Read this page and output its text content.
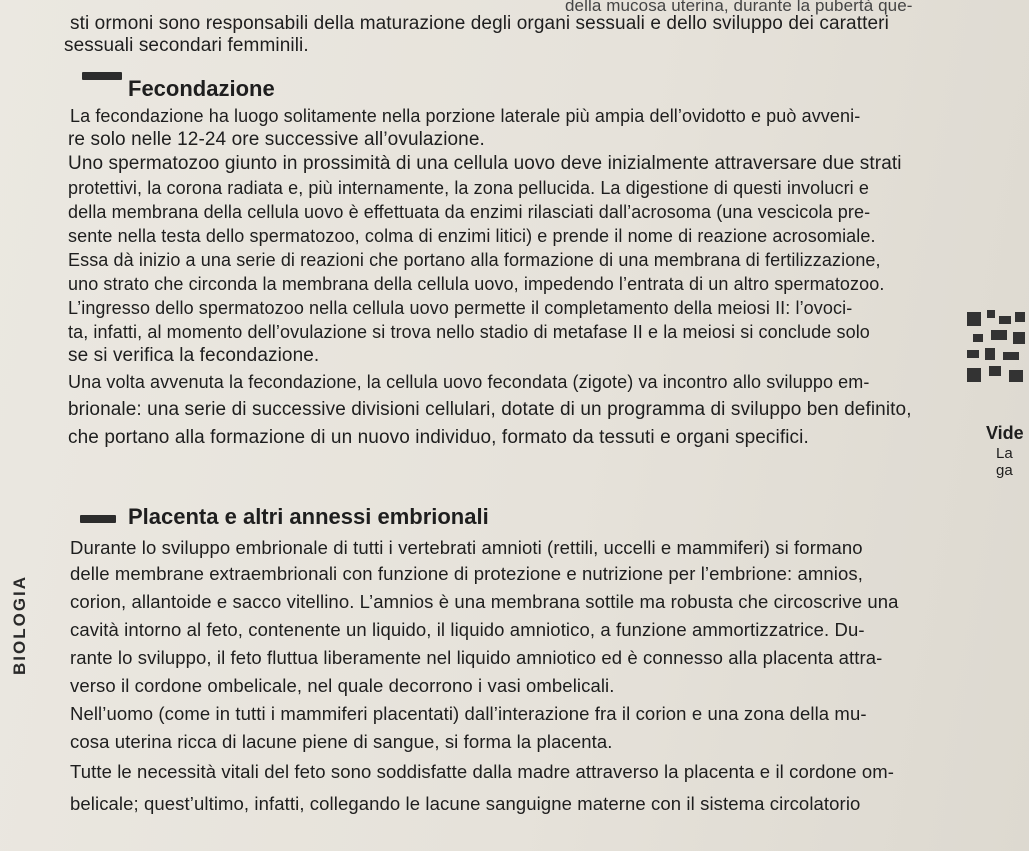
della mucosa uterina, durante la pubertà que-
sti ormoni sono responsabili della maturazione degli organi sessuali e dello sviluppo dei caratteri
sessuali secondari femminili.
Fecondazione
La fecondazione ha luogo solitamente nella porzione laterale più ampia dell’ovidotto e può avveni-
re solo nelle 12-24 ore successive all’ovulazione.
Uno spermatozoo giunto in prossimità di una cellula uovo deve inizialmente attraversare due strati
protettivi, la corona radiata e, più internamente, la zona pellucida. La digestione di questi involucri e
della membrana della cellula uovo è effettuata da enzimi rilasciati dall’acrosoma (una vescicola pre-
sente nella testa dello spermatozoo, colma di enzimi litici) e prende il nome di reazione acrosomiale.
Essa dà inizio a una serie di reazioni che portano alla formazione di una membrana di fertilizzazione,
uno strato che circonda la membrana della cellula uovo, impedendo l’entrata di un altro spermatozoo.
L’ingresso dello spermatozoo nella cellula uovo permette il completamento della meiosi II: l’ovoci-
ta, infatti, al momento dell’ovulazione si trova nello stadio di metafase II e la meiosi si conclude solo
se si verifica la fecondazione.
Una volta avvenuta la fecondazione, la cellula uovo fecondata (zigote) va incontro allo sviluppo em-
brionale: una serie di successive divisioni cellulari, dotate di un programma di sviluppo ben definito,
che portano alla formazione di un nuovo individuo, formato da tessuti e organi specifici.	Vide
La ga
Placenta e altri annessi embrionali
Durante lo sviluppo embrionale di tutti i vertebrati amnioti (rettili, uccelli e mammiferi) si formano
delle membrane extraembrionali con funzione di protezione e nutrizione per l’embrione: amnios,
corion, allantoide e sacco vitellino. L’amnios è una membrana sottile ma robusta che circoscrive una
cavità intorno al feto, contenente un liquido, il liquido amniotico, a funzione ammortizzatrice. Du-
rante lo sviluppo, il feto fluttua liberamente nel liquido amniotico ed è connesso alla placenta attra-
verso il cordone ombelicale, nel quale decorrono i vasi ombelicali.
Nell’uomo (come in tutti i mammiferi placentati) dall’interazione fra il corion e una zona della mu-
cosa uterina ricca di lacune piene di sangue, si forma la placenta.
Tutte le necessità vitali del feto sono soddisfatte dalla madre attraverso la placenta e il cordone om-
belicale; quest’ultimo, infatti, collegando le lacune sanguigne materne con il sistema circolatorio
BIOLOGIA
